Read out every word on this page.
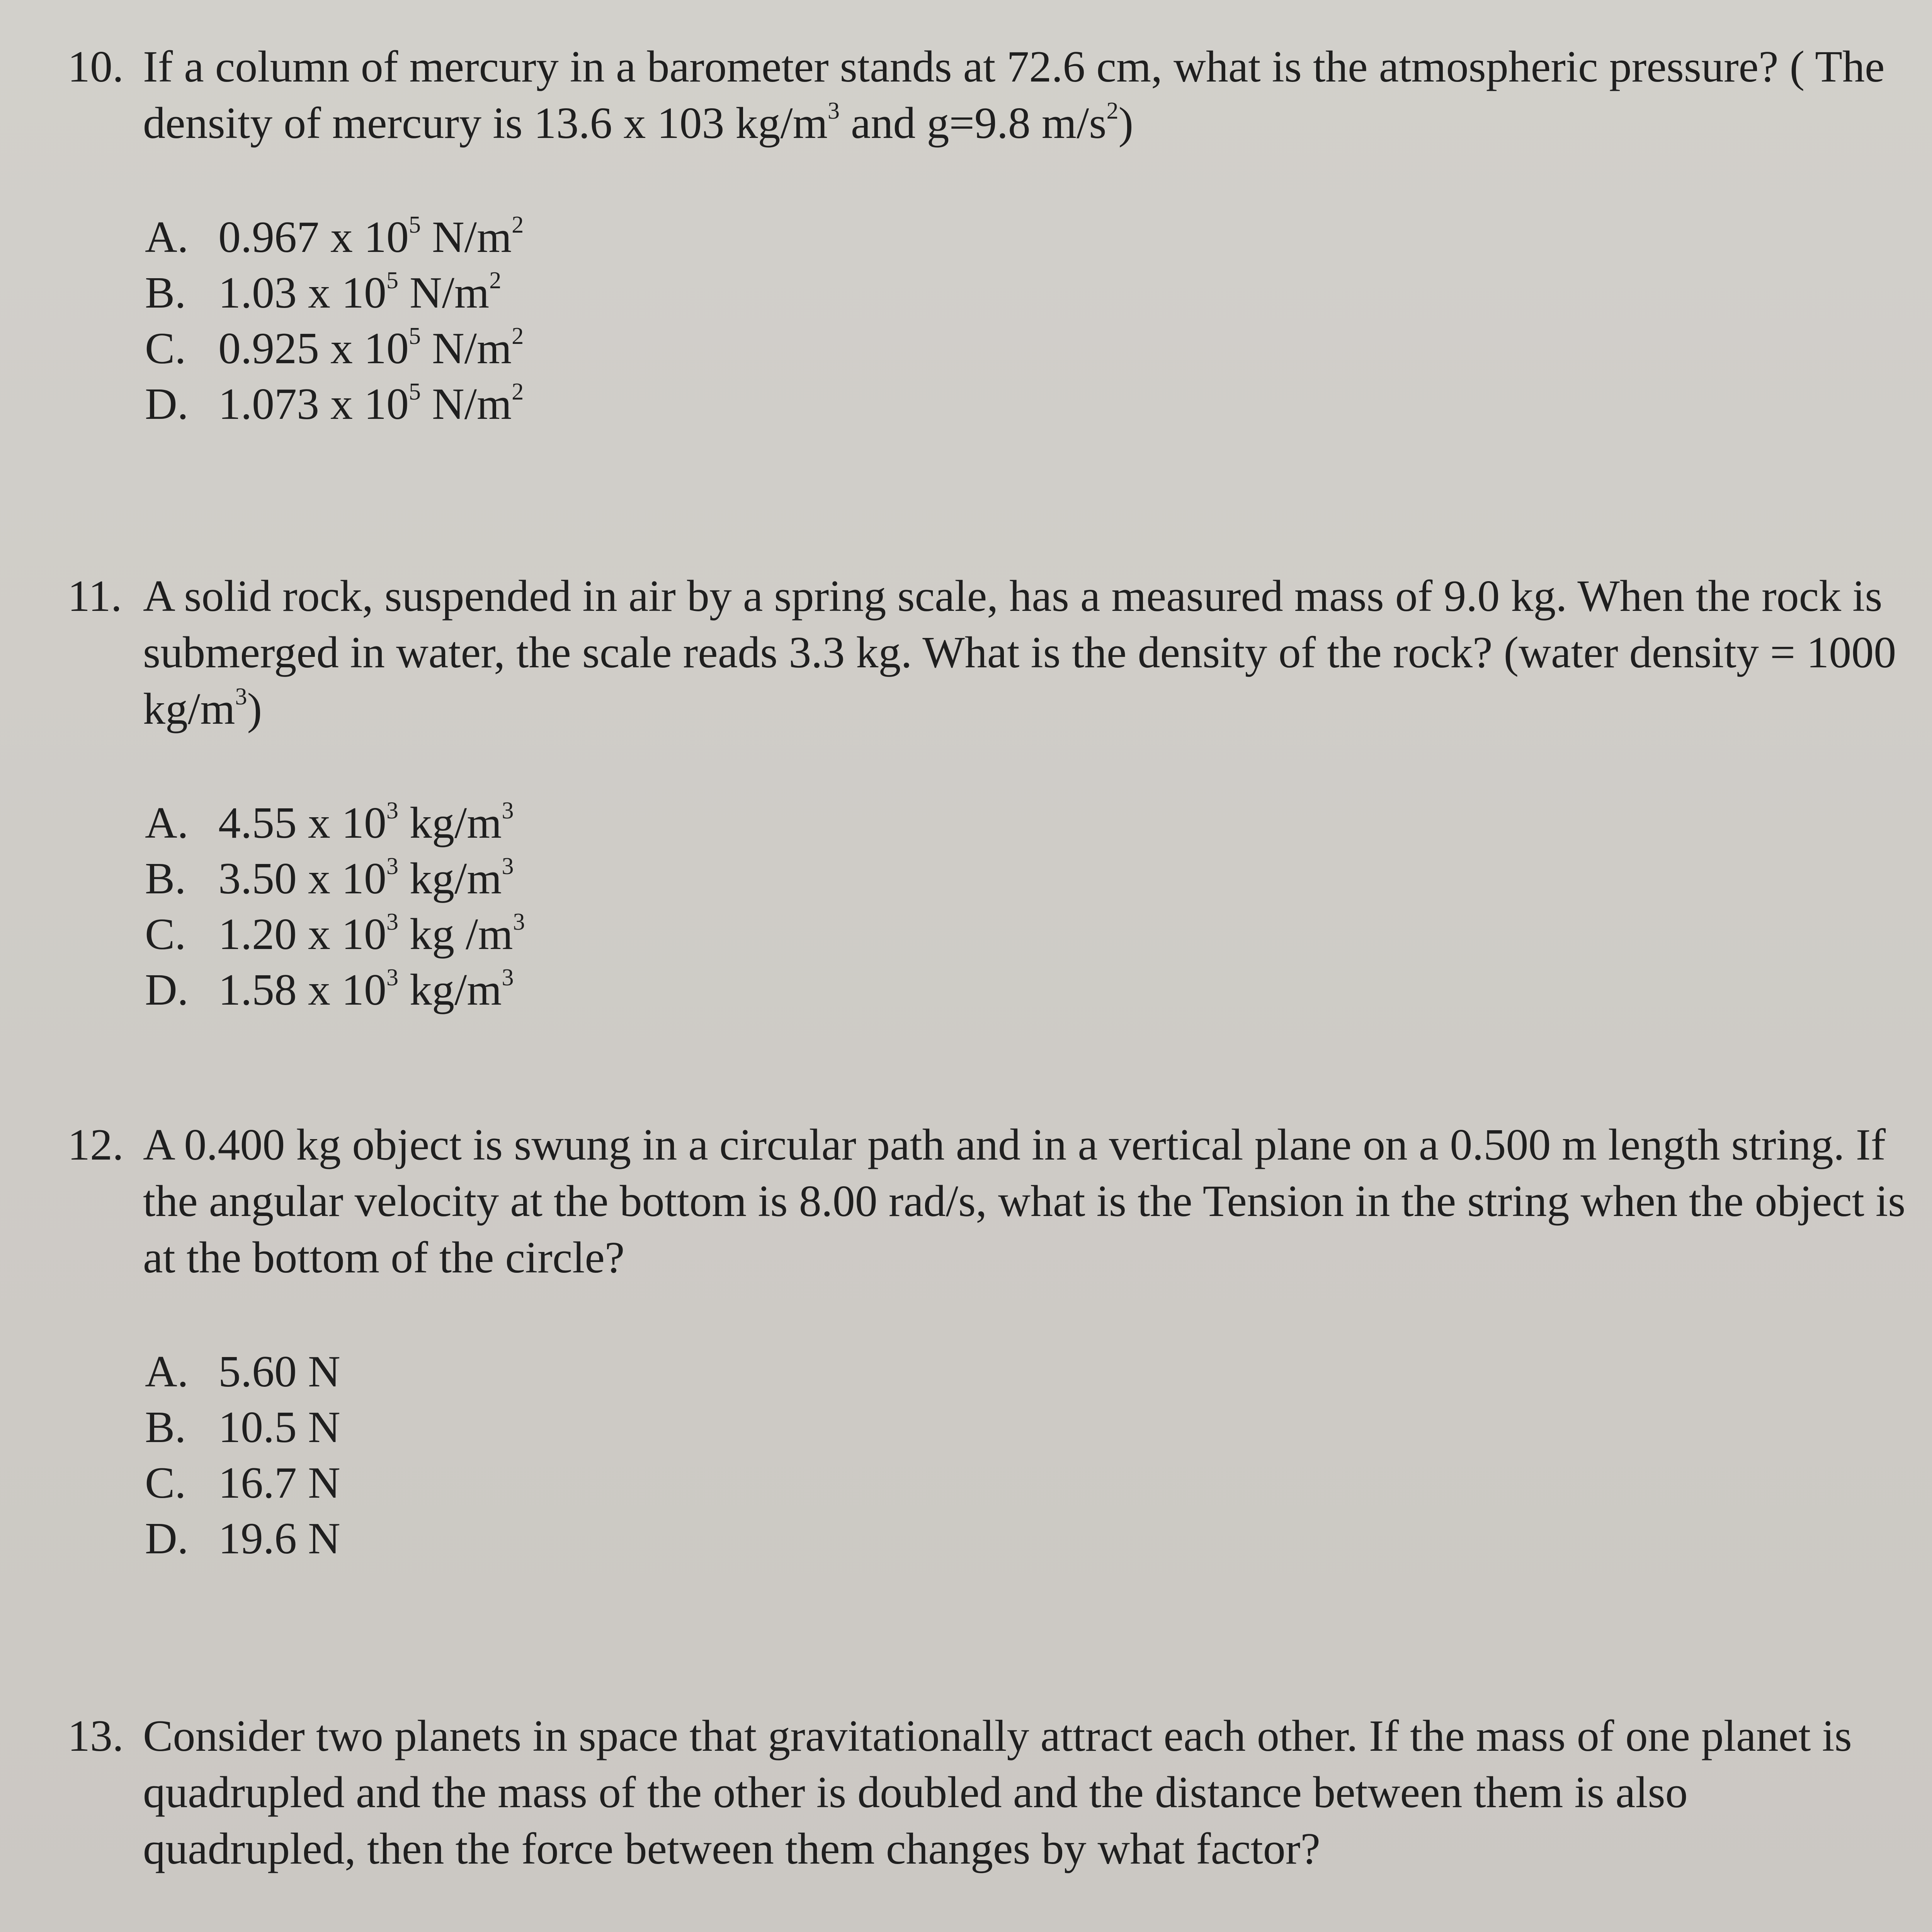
10. If a column of mercury in a barometer stands at 72.6 cm, what is the atmospheric pressure? ( The density of mercury is 13.6 x 103 $kg/m^3$ and g=9.8 $m/s^2$)
A. 0.967 x $10^5$ $N/m^2$
B. 1.03 x $10^5$ $N/m^2$
C. 0.925 x $10^5$ $N/m^2$
D. 1.073 x $10^5$ $N/m^2$
11. A solid rock, suspended in air by a spring scale, has a measured mass of 9.0 kg. When the rock is submerged in water, the scale reads 3.3 kg. What is the density of the rock? (water density = 1000 $kg/m^3$)
A. 4.55 x $10^3$ $kg/m^3$
B. 3.50 x $10^3$ $kg/m^3$
C. 1.20 x $10^3$ kg $/m^3$
D. 1.58 x $10^3$ $kg/m^3$
12. A 0.400 kg object is swung in a circular path and in a vertical plane on a 0.500 m length string. If the angular velocity at the bottom is 8.00 rad/s, what is the Tension in the string when the object is at the bottom of the circle?
A. 5.60 N
B. 10.5 N
C. 16.7 N
D. 19.6 N
13. Consider two planets in space that gravitationally attract each other. If the mass of one planet is quadrupled and the mass of the other is doubled and the distance between them is also quadrupled, then the force between them changes by what factor?
